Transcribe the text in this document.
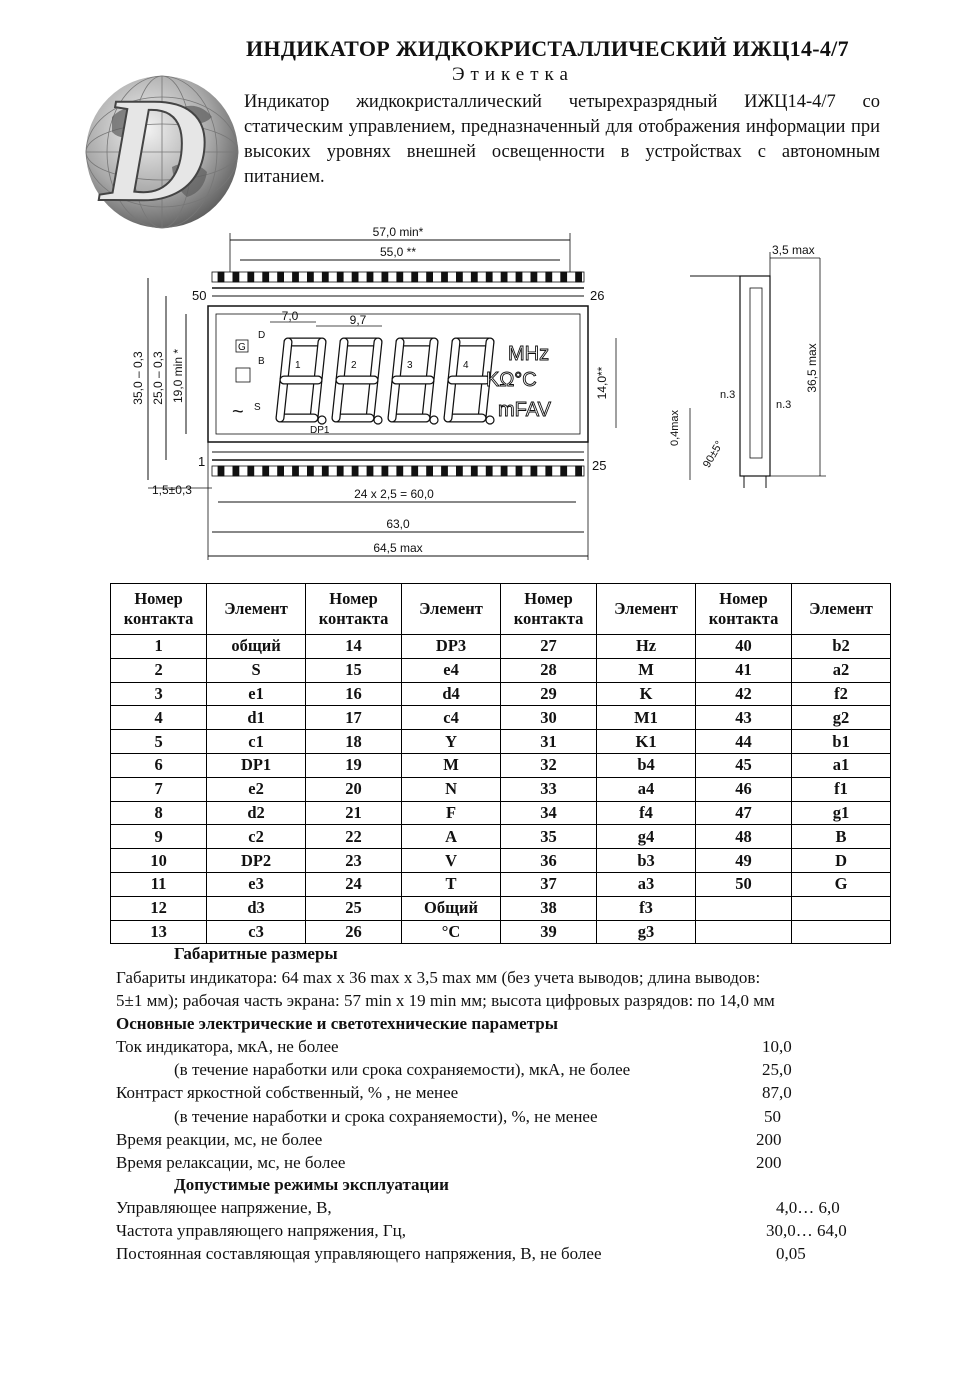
ИНДИКАТОР ЖИДКОКРИСТАЛЛИЧЕСКИЙ ИЖЦ14-4/7
Этикетка
Индикатор жидкокристаллический четырехразрядный ИЖЦ14-4/7 со статическим управлением, предназначенный для отображения информации при высоких уровнях внешней освещенности в устройствах с автономным питанием.
D	57,0 min*
55,0 **
50	26
1	25
35,0 – 0,3 25,0 – 0,3 19,0 min *
7,0	9,7
14,0**
1	2	3	4
DP1
D
B
G
S
~
MHz
KΩ°C
mFAV
1,5±0,3	24 x 2,5 = 60,0
63,0
64,5 max
3,5 max
36,5 max
n.3
n.3
0,4max
90±5°
Номер контакта	Элемент	Номер контакта	Элемент	Номер контакта	Элемент	Номер контакта	Элемент
1	общий	14	DP3	27	Hz	40	b2
2	S	15	e4	28	M	41	a2
3	e1	16	d4	29	K	42	f2
4	d1	17	c4	30	M1	43	g2
5	c1	18	Y	31	K1	44	b1
6	DP1	19	M	32	b4	45	a1
7	e2	20	N	33	a4	46	f1
8	d2	21	F	34	f4	47	g1
9	c2	22	A	35	g4	48	B
10	DP2	23	V	36	b3	49	D
11	e3	24	T	37	a3	50	G
12	d3	25	Общий	38	f3		
13	c3	26	°C	39	g3		
Габаритные размеры
Габариты индикатора: 64 max x 36 max x 3,5 max мм (без учета выводов; длина выводов:
5±1 мм); рабочая часть экрана: 57 min x 19 min мм; высота цифровых разрядов: по 14,0 мм
Основные электрические и светотехнические параметры
Ток индикатора, мкА, не более	10,0
(в течение наработки или срока сохраняемости), мкА, не более	25,0
Контраст яркостной собственный, % , не менее	87,0
(в течение наработки и срока сохраняемости), %, не менее	50
Время реакции, мс, не более	200
Время релаксации, мс, не более	200
Допустимые режимы эксплуатации
Управляющее напряжение, В,	4,0… 6,0
Частота управляющего напряжения, Гц,	30,0… 64,0
Постоянная составляющая управляющего напряжения, В, не более	0,05
